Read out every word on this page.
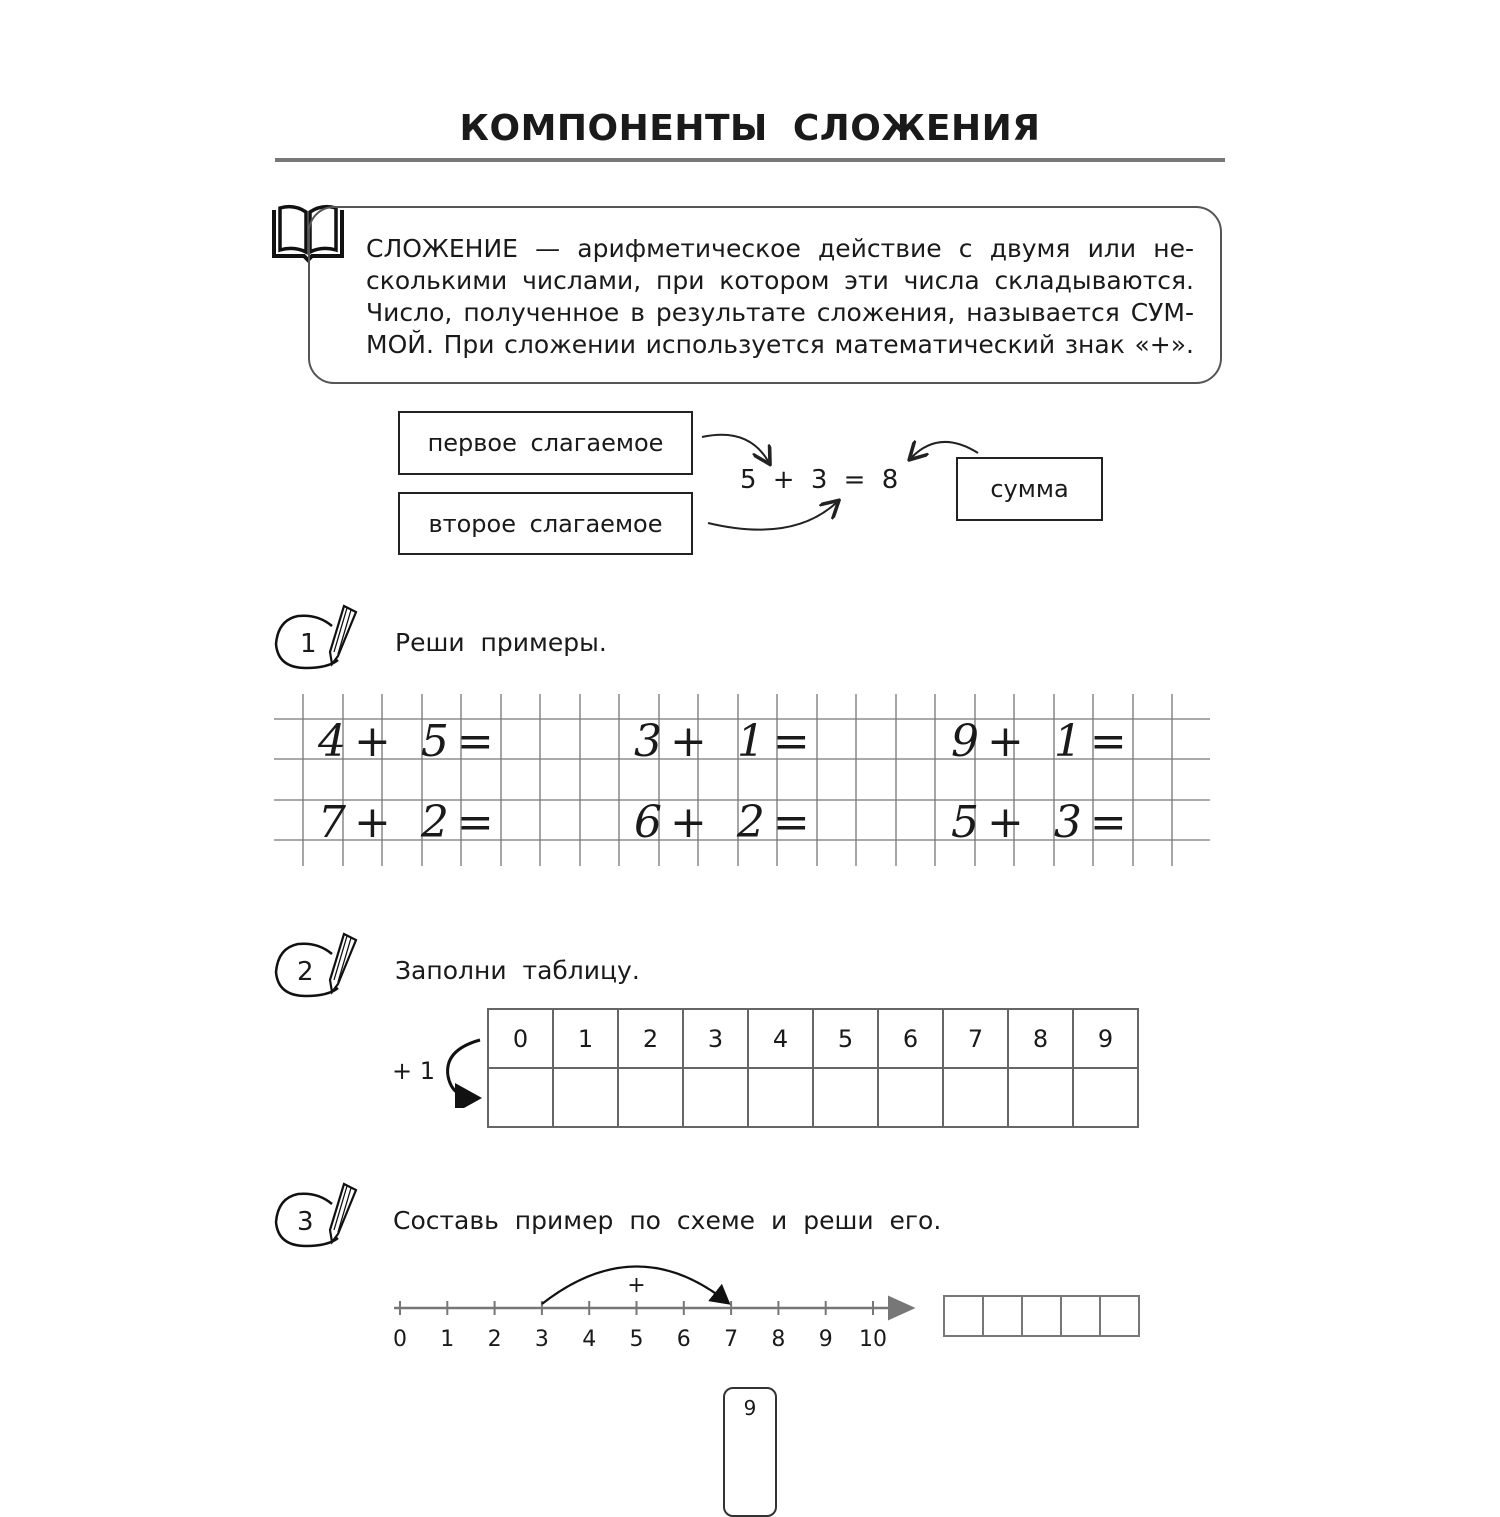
КОМПОНЕНТЫ СЛОЖЕНИЯ
СЛОЖЕНИЕ — арифметическое действие с двумя или не-
сколькими числами, при котором эти числа складываются.
Число, полученное в результате сложения, называется СУМ-
МОЙ. При сложении используется математический знак «+».
первое слагаемое
второе слагаемое
сумма
5 + 3 = 8
1	Реши примеры.
4+ 5=	3+ 1=	9+ 1=
7+ 2=	6+ 2=	5+ 3=
2	Заполни таблицу.
+ 1
0	1	2	3	4	5	6	7	8	9

3	Составь пример по схеме и реши его.
+
0	1	2	3	4	5	6	7	8	9	10

9
